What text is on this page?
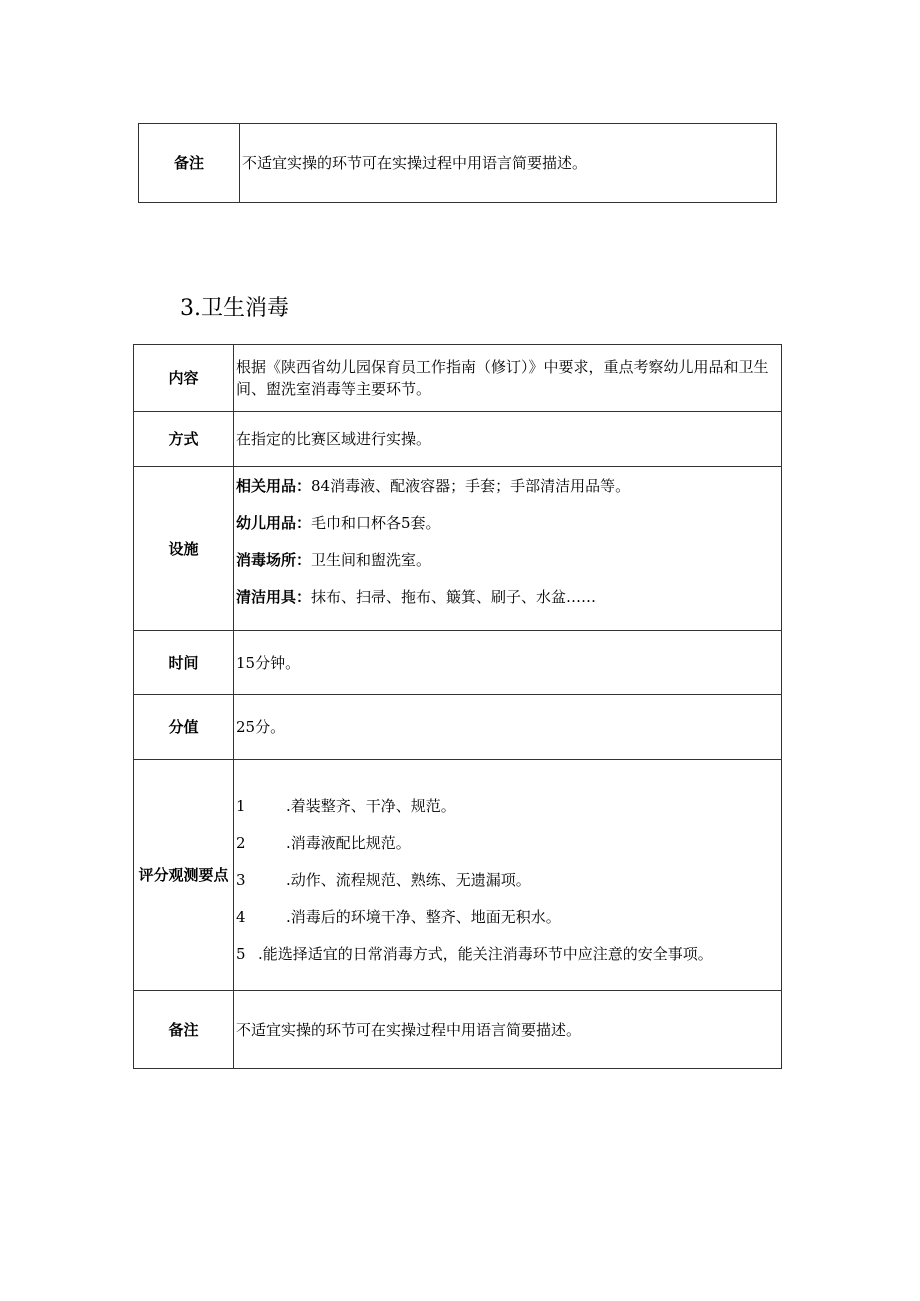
备注	不适宜实操的环节可在实操过程中用语言简要描述。
3.卫生消毒
内容	根据《陕西省幼儿园保育员工作指南（修订）》中要求，重点考察幼儿用品和卫生间、盥洗室消毒等主要环节。
方式	在指定的比赛区域进行实操。
设施	相关用品：84消毒液、配液容器；手套；手部清洁用品等。

幼儿用品：毛巾和口杯各5套。

消毒场所：卫生间和盥洗室。

清洁用具：抹布、扫帚、拖布、簸箕、刷子、水盆……

时间	15分钟。
分值	25分。
评分观测要点	1 .着装整齐、干净、规范。

2 .消毒液配比规范。

3 .动作、流程规范、熟练、无遗漏项。

4 .消毒后的环境干净、整齐、地面无积水。

5 .能选择适宜的日常消毒方式，能关注消毒环节中应注意的安全事项。

备注	不适宜实操的环节可在实操过程中用语言简要描述。
